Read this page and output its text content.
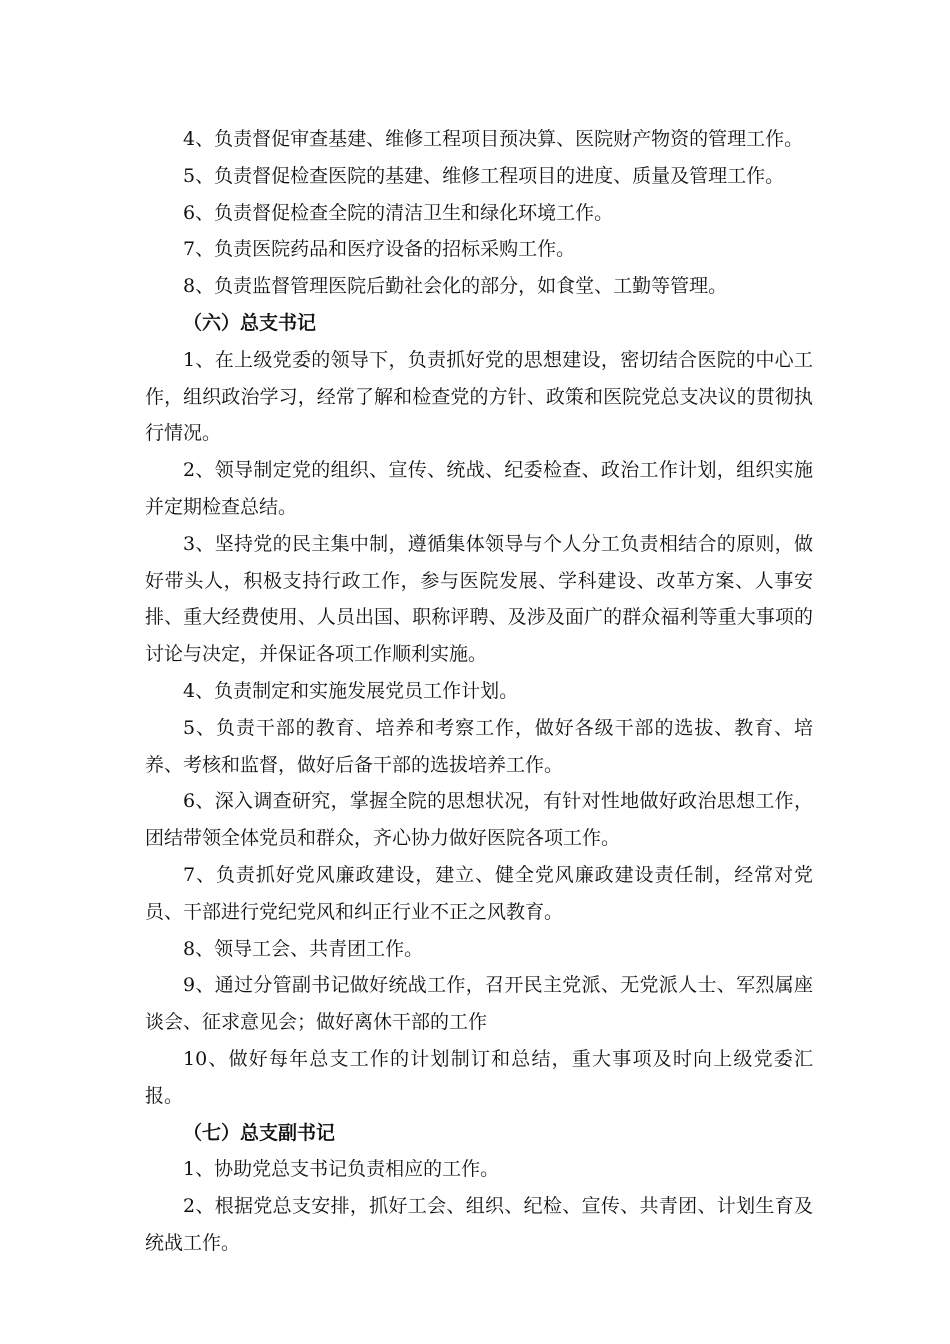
4、负责督促审查基建、维修工程项目预决算、医院财产物资的管理工作。

5、负责督促检查医院的基建、维修工程项目的进度、质量及管理工作。

6、负责督促检查全院的清洁卫生和绿化环境工作。

7、负责医院药品和医疗设备的招标采购工作。

8、负责监督管理医院后勤社会化的部分，如食堂、工勤等管理。

（六）总支书记

1、在上级党委的领导下，负责抓好党的思想建设，密切结合医院的中心工作，组织政治学习，经常了解和检查党的方针、政策和医院党总支决议的贯彻执行情况。

2、领导制定党的组织、宣传、统战、纪委检查、政治工作计划，组织实施并定期检查总结。

3、坚持党的民主集中制，遵循集体领导与个人分工负责相结合的原则，做好带头人，积极支持行政工作，参与医院发展、学科建设、改革方案、人事安排、重大经费使用、人员出国、职称评聘、及涉及面广的群众福利等重大事项的讨论与决定，并保证各项工作顺利实施。

4、负责制定和实施发展党员工作计划。

5、负责干部的教育、培养和考察工作，做好各级干部的选拔、教育、培养、考核和监督，做好后备干部的选拔培养工作。

6、深入调查研究，掌握全院的思想状况，有针对性地做好政治思想工作，团结带领全体党员和群众，齐心协力做好医院各项工作。

7、负责抓好党风廉政建设，建立、健全党风廉政建设责任制，经常对党员、干部进行党纪党风和纠正行业不正之风教育。

8、领导工会、共青团工作。

9、通过分管副书记做好统战工作，召开民主党派、无党派人士、军烈属座谈会、征求意见会；做好离休干部的工作

10、做好每年总支工作的计划制订和总结，重大事项及时向上级党委汇报。

（七）总支副书记

1、协助党总支书记负责相应的工作。

2、根据党总支安排，抓好工会、组织、纪检、宣传、共青团、计划生育及统战工作。
